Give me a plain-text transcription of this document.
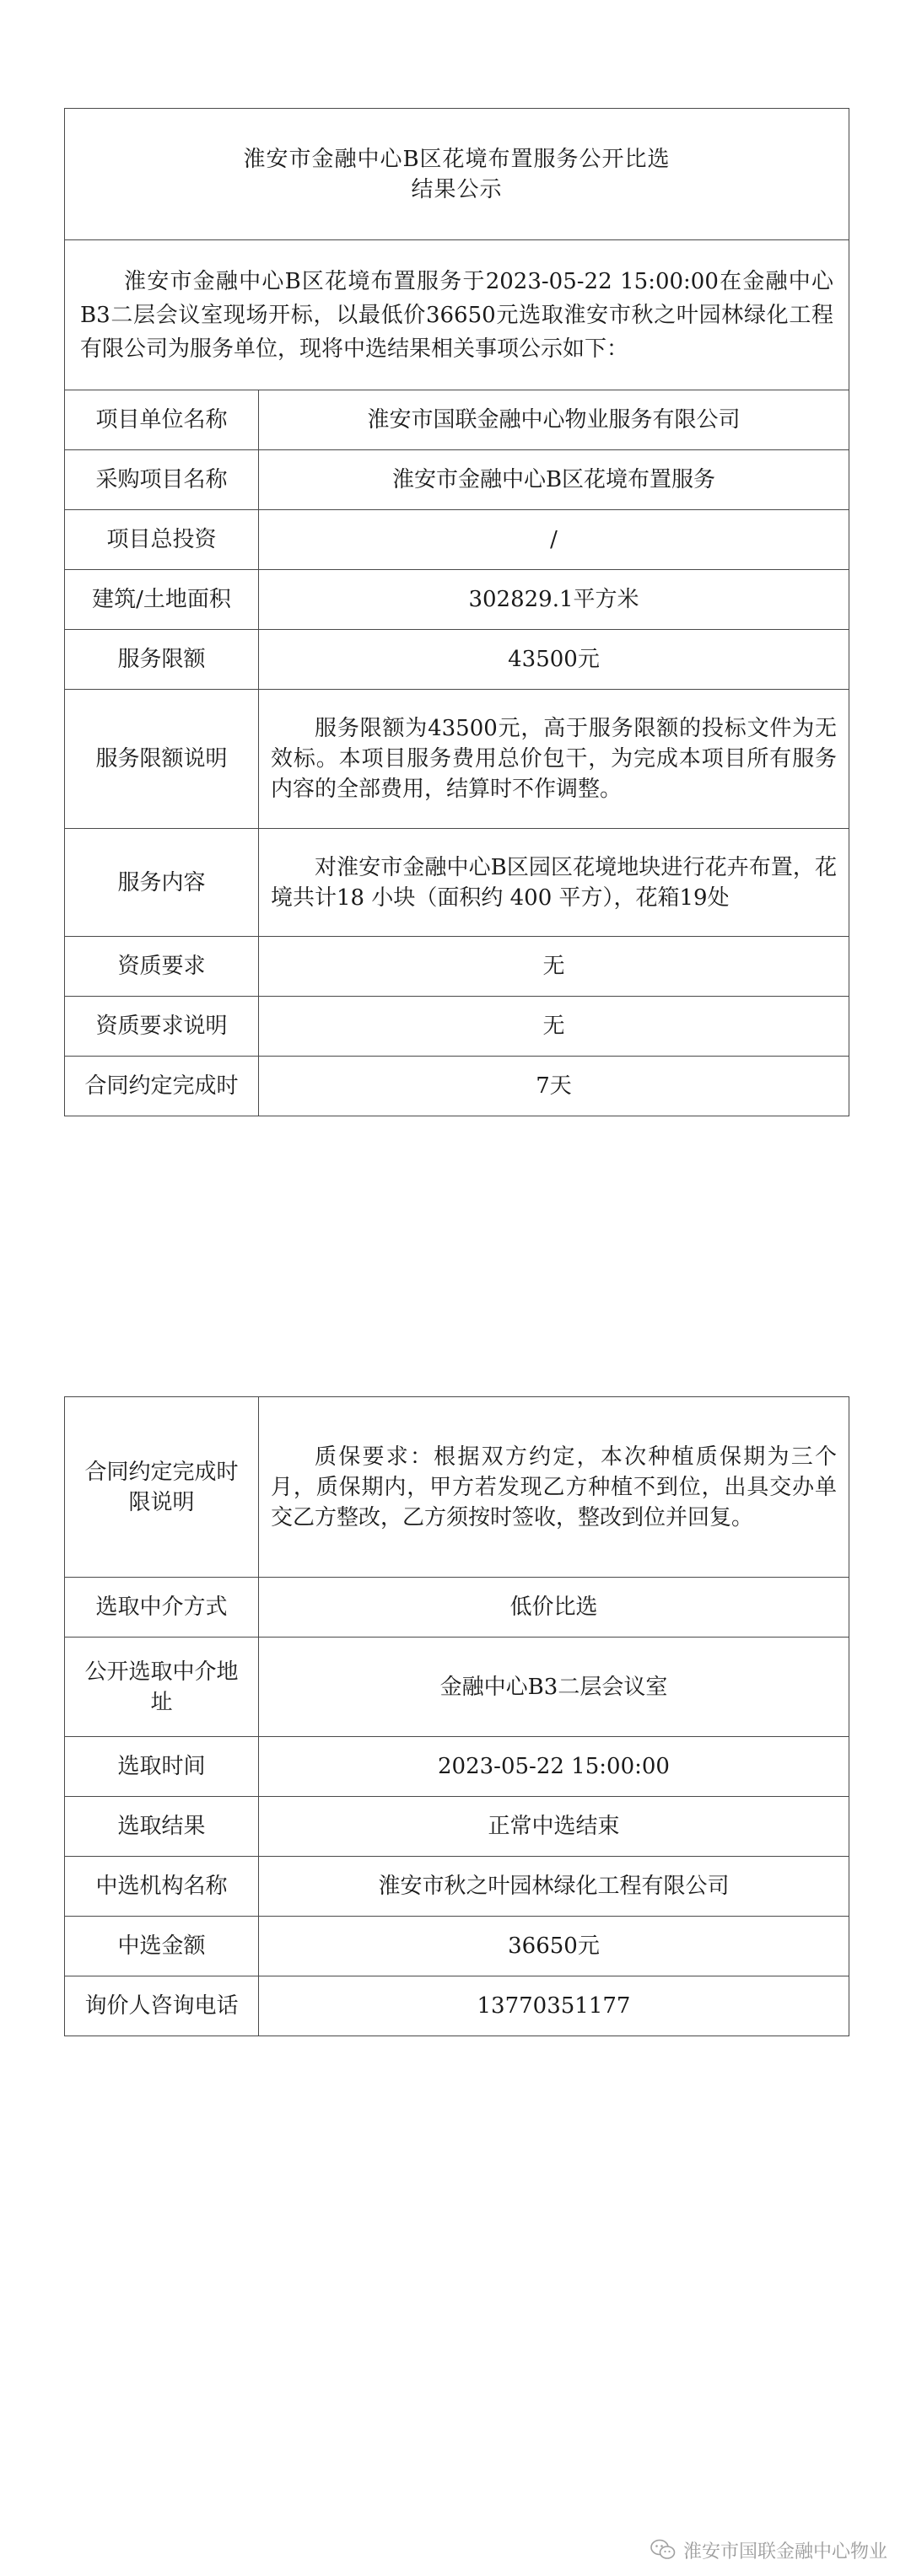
淮安市金融中心B区花境布置服务公开比选
结果公示	

淮安市金融中心B区花境布置服务于2023-05-22 15:00:00在金融中心B3二层会议室现场开标，以最低价36650元选取淮安市秋之叶园林绿化工程有限公司为服务单位，现将中选结果相关事项公示如下：	
项目单位名称	淮安市国联金融中心物业服务有限公司
采购项目名称	淮安市金融中心B区花境布置服务
项目总投资	/
建筑/土地面积	302829.1平方米
服务限额	43500元
服务限额说明	服务限额为43500元，高于服务限额的投标文件为无效标。本项目服务费用总价包干，为完成本项目所有服务内容的全部费用，结算时不作调整。
服务内容	对淮安市金融中心B区园区花境地块进行花卉布置，花境共计18 小块（面积约 400 平方），花箱19处
资质要求	无
资质要求说明	无
合同约定完成时	7天
合同约定完成时限说明	质保要求：根据双方约定，本次种植质保期为三个月，质保期内，甲方若发现乙方种植不到位，出具交办单交乙方整改，乙方须按时签收，整改到位并回复。
选取中介方式	低价比选
公开选取中介地址	金融中心B3二层会议室
选取时间	2023-05-22 15:00:00
选取结果	正常中选结束
中选机构名称	淮安市秋之叶园林绿化工程有限公司
中选金额	36650元
询价人咨询电话	13770351177
淮安市国联金融中心物业
